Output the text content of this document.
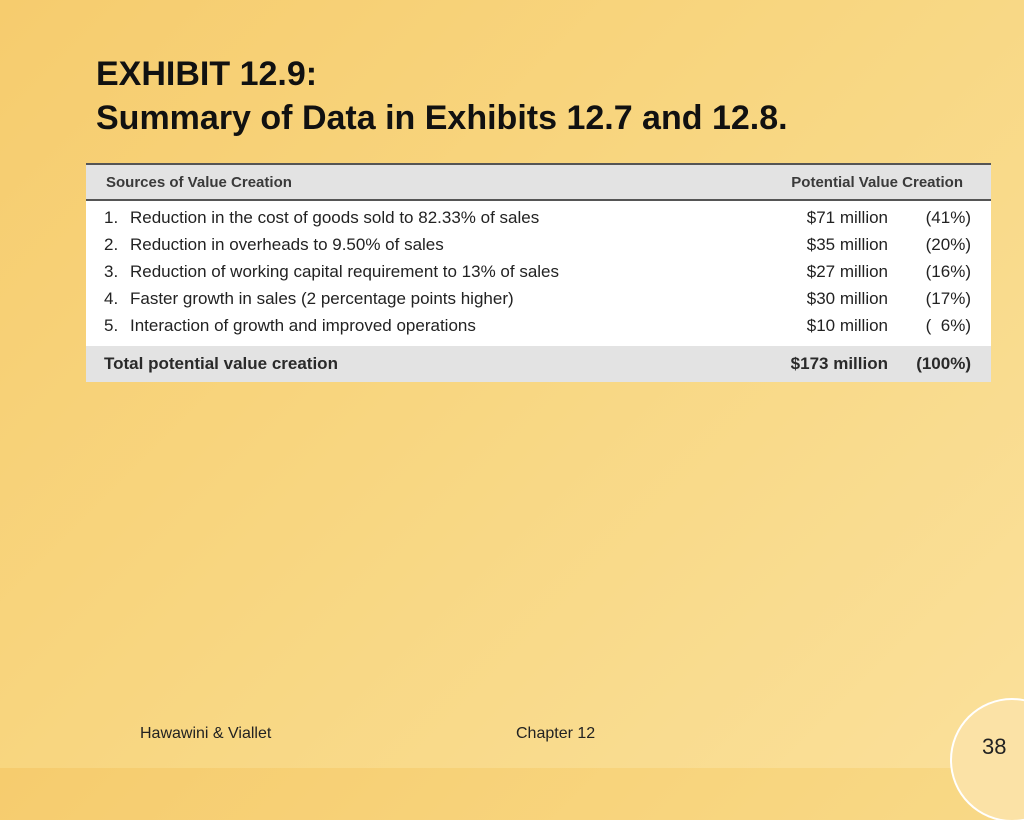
EXHIBIT 12.9:
Summary of Data in Exhibits 12.7 and 12.8.
Sources of Value Creation	Potential Value Creation
1. Reduction in the cost of goods sold to 82.33% of sales	$71 million (41%)
2. Reduction in overheads to 9.50% of sales	$35 million (20%)
3. Reduction of working capital requirement to 13% of sales	$27 million (16%)
4. Faster growth in sales (2 percentage points higher)	$30 million (17%)
5. Interaction of growth and improved operations	$10 million (  6%)
Total potential value creation	$173 million (100%)
Hawawini & Viallet	Chapter 12
38
